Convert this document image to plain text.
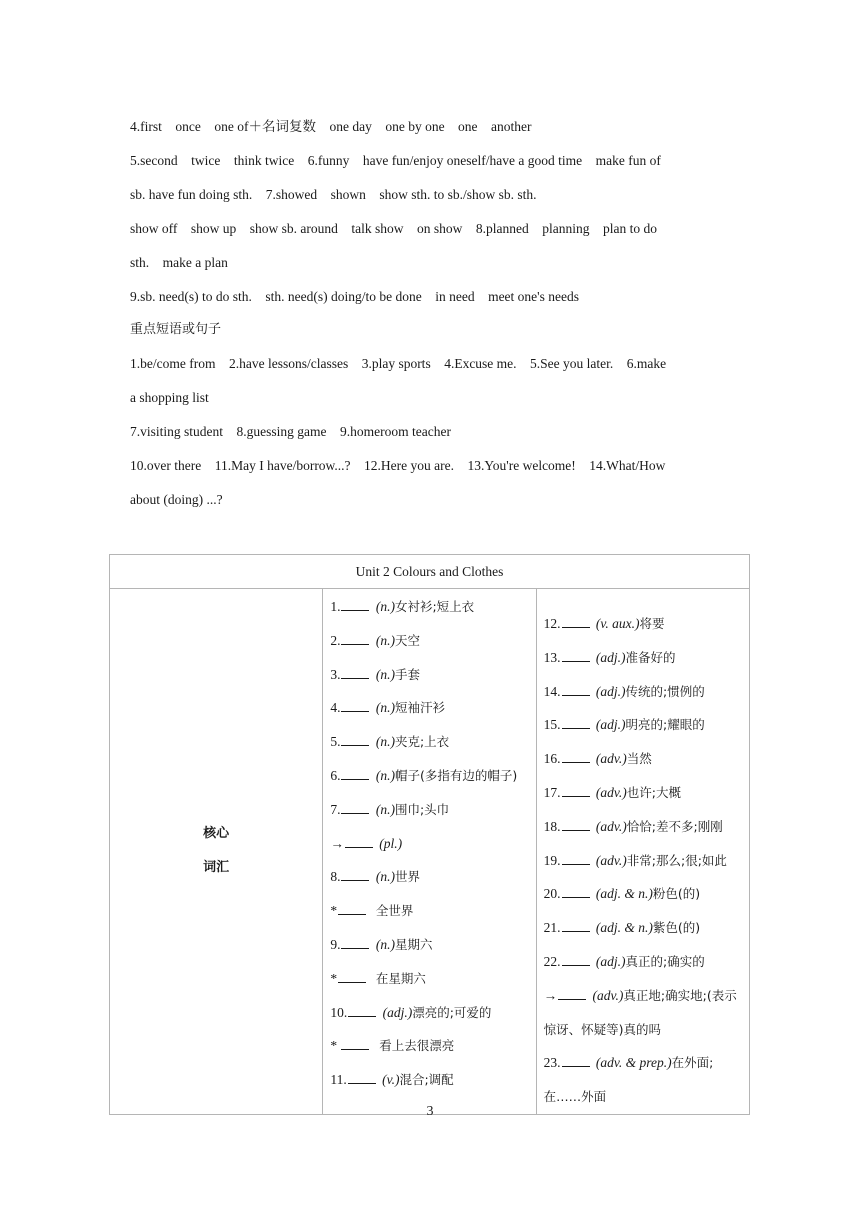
4.first    once    one of＋名词复数    one day    one by one    one    another

5.second    twice    think twice    6.funny    have fun/enjoy oneself/have a good time    make fun of

sb. have fun doing sth.    7.showed    shown    show sth. to sb./show sb. sth.

show off    show up    show sb. around    talk show    on show    8.planned    planning    plan to do

sth.    make a plan

9.sb. need(s) to do sth.    sth. need(s) doing/to be done    in need    meet one's needs

重点短语或句子

1.be/come from    2.have lessons/classes    3.play sports    4.Excuse me.    5.See you later.    6.make

a shopping list

7.visiting student    8.guessing game    9.homeroom teacher

10.over there    11.May I have/borrow...?    12.Here you are.    13.You're welcome!    14.What/How

about (doing) ...?

Unit 2 Colours and Clothes

核心
词汇

1.	(n.)女衬衫;短上衣
2.	(n.)天空
3.	(n.)手套
4.	(n.)短袖汗衫
5.	(n.)夹克;上衣
6.	(n.)帽子(多指有边的帽子)
7.	(n.)围巾;头巾
→	(pl.)
8.	(n.)世界
*	全世界
9.	(n.)星期六
*	在星期六
10.	(adj.)漂亮的;可爱的
*	看上去很漂亮
11.	(v.)混合;调配

12.	(v. aux.)将要
13.	(adj.)准备好的
14.	(adj.)传统的;惯例的
15.	(adj.)明亮的;耀眼的
16.	(adv.)当然
17.	(adv.)也许;大概
18.	(adv.)恰恰;差不多;刚刚
19.	(adv.)非常;那么;很;如此
20.	(adj. & n.)粉色(的)
21.	(adj. & n.)紫色(的)
22.	(adj.)真正的;确实的
→	(adv.)真正地;确实地;(表示惊讶、怀疑等)真的吗
23.	(adv. & prep.)在外面;在……外面
3
